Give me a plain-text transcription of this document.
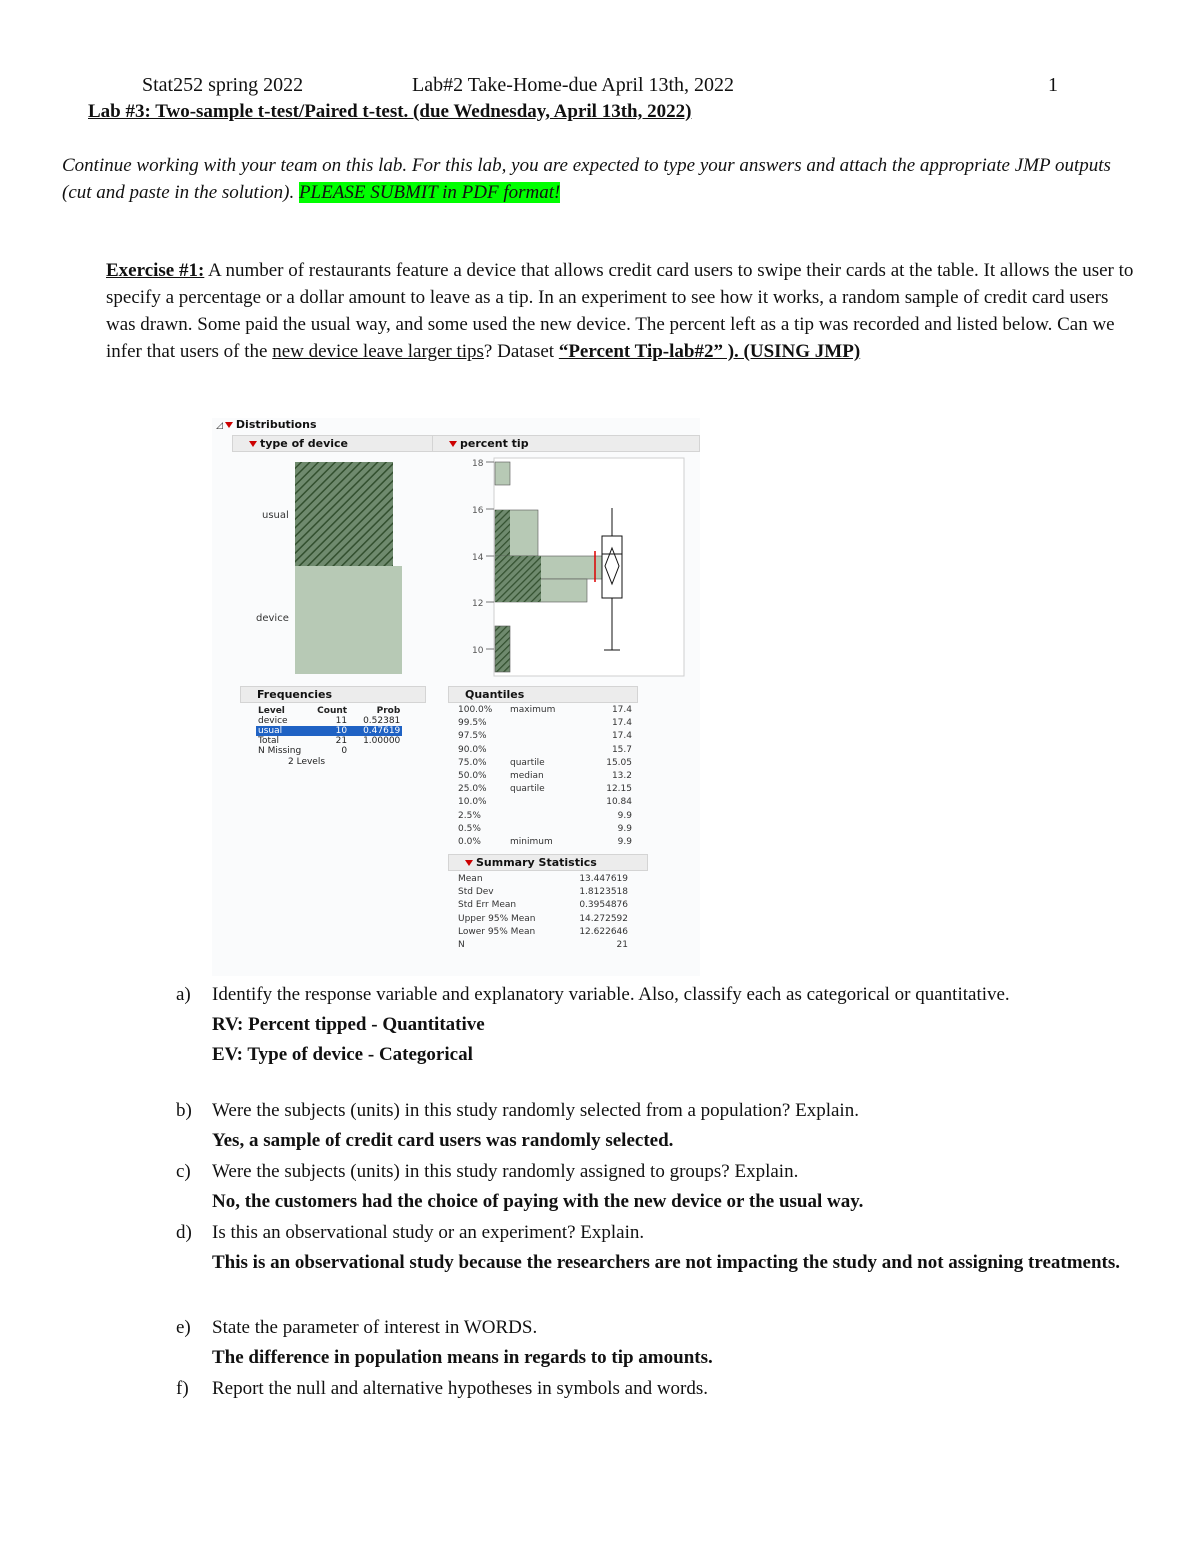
Stat252 spring 2022	Lab#2 Take-Home-due April 13th, 2022	1
Lab #3: Two-sample t-test/Paired t-test. (due Wednesday, April 13th, 2022)
Continue working with your team on this lab. For this lab, you are expected to type your answers and attach the appropriate JMP outputs (cut and paste in the solution). PLEASE SUBMIT in PDF format!
Exercise #1: A number of restaurants feature a device that allows credit card users to swipe their cards at the table. It allows the user to specify a percentage or a dollar amount to leave as a tip. In an experiment to see how it works, a random sample of credit card users was drawn. Some paid the usual way, and some used the new device. The percent left as a tip was recorded and listed below. Can we infer that users of the new device leave larger tips? Dataset “Percent Tip-lab#2” ). (USING JMP)
◿ Distributions
type of device
usual
device
percent tip
18
16
14
12
10
Frequencies
Level	Count	Prob
device	11	0.52381
usual	10	0.47619
Total	21	1.00000
N Missing	0	
2 Levels		
Quantiles
100.0%	maximum	17.4
99.5%	17.4
97.5%	17.4
90.0%	15.7
75.0%	quartile	15.05
50.0%	median	13.2
25.0%	quartile	12.15
10.0%	10.84
2.5%	9.9
0.5%	9.9
0.0%	minimum	9.9
Summary Statistics
Mean	13.447619
Std Dev	1.8123518
Std Err Mean	0.3954876
Upper 95% Mean	14.272592
Lower 95% Mean	12.622646
N	21
a) Identify the response variable and explanatory variable. Also, classify each as categorical or quantitative.
RV: Percent tipped - Quantitative
EV: Type of device - Categorical
b) Were the subjects (units) in this study randomly selected from a population? Explain.
Yes, a sample of credit card users was randomly selected.
c) Were the subjects (units) in this study randomly assigned to groups? Explain.
No, the customers had the choice of paying with the new device or the usual way.
d) Is this an observational study or an experiment? Explain.
This is an observational study because the researchers are not impacting the study and not assigning treatments.
e) State the parameter of interest in WORDS.
The difference in population means in regards to tip amounts.
f) Report the null and alternative hypotheses in symbols and words.
